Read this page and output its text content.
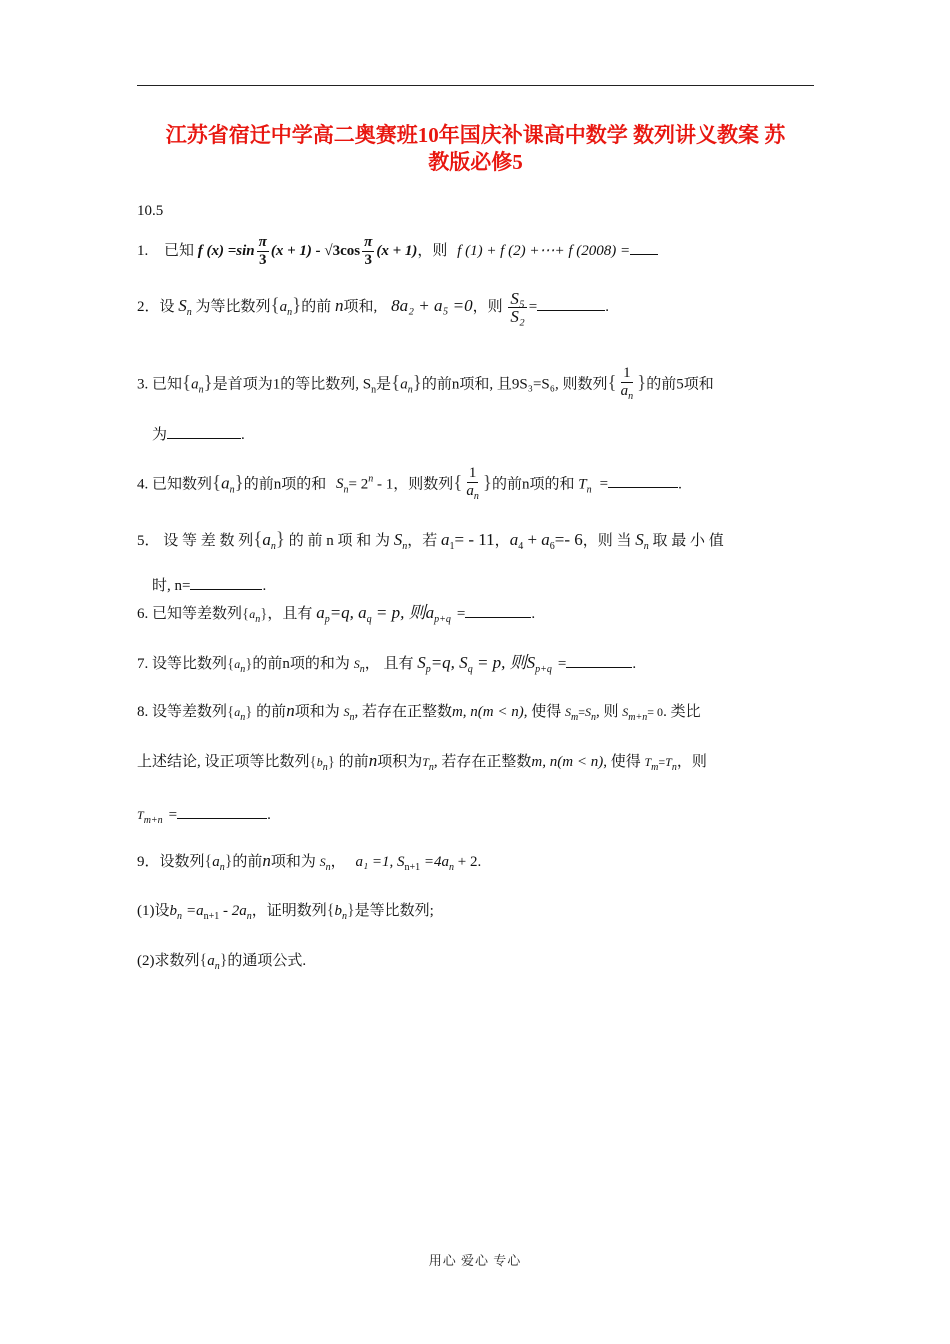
江苏省宿迁中学高二奥赛班10年国庆补课高中数学 数列讲义教案 苏
教版必修5
10.5
1. 已知 f $(x) =\sin \frac{\pi}{3} (x + 1) - √3\cos \frac{\pi}{3} (x + 1)$，则 f (1) + f (2) +⋯+ f (2008) =
2．设 $S_n$ 为等比数列$\{a_n\}$的前 n项和, 8a₂ + a₅ =0，则 $\frac{\text{S₅}}{\text{S₂}}$ =	.
3. 已知$\{a_n\}$是首项为1的等比数列, $S_n$是$\{a_n\}$的前n项和, 且9S₃=S₆, 则数列{ $\frac{1}{a_n}$ }的前5项和
为	.
4. 已知数列$\{a_n\}$的前n项的和 $S_n= 2^n - 1$，则数列{ $\frac{1}{a_n}$ }的前n项的和 $T_n$ =	.
5． 设 等 差 数 列$\{a_n\}$ 的 前 n 项 和 为 $S_n$，若 $a_1= - 11$，$a_4 + a_6=-$ 6，则 当 $S_n$ 取 最 小 值
时, n=	.
6. 已知等差数列$\{a_n\}$，且有 $a_p=q$, $a_q = p$, 则$a_{p+q}$ =	.
7. 设等比数列$\{a_n\}$的前n项的和为 $S_n$， 且有 $S_p=q$, $S_q = p$, 则$S_{p+q}$ =	.
8. 设等差数列$\{a_n\}$ 的前n项和为 $S_n$, 若存在正整数m, n(m < n), 使得 $S_m=S_n$, 则 $S_{m+n}= 0$. 类比
上述结论, 设正项等比数列$\{b_n\}$ 的前n项积为$T_n$, 若存在正整数m, n(m < n), 使得 $T_m=T_n$，则
$T_{m+n}$ =	.
9．设数列$\{a_n\}$的前n项和为 $S_n$， a₁ =1, $S_{n+1} =4a_n + 2$.
(1)设$b_n =a_{n+1} - 2a_n$，证明数列$\{b_n\}$是等比数列;
(2)求数列$\{a_n\}$的通项公式.
用心 爱心 专心
